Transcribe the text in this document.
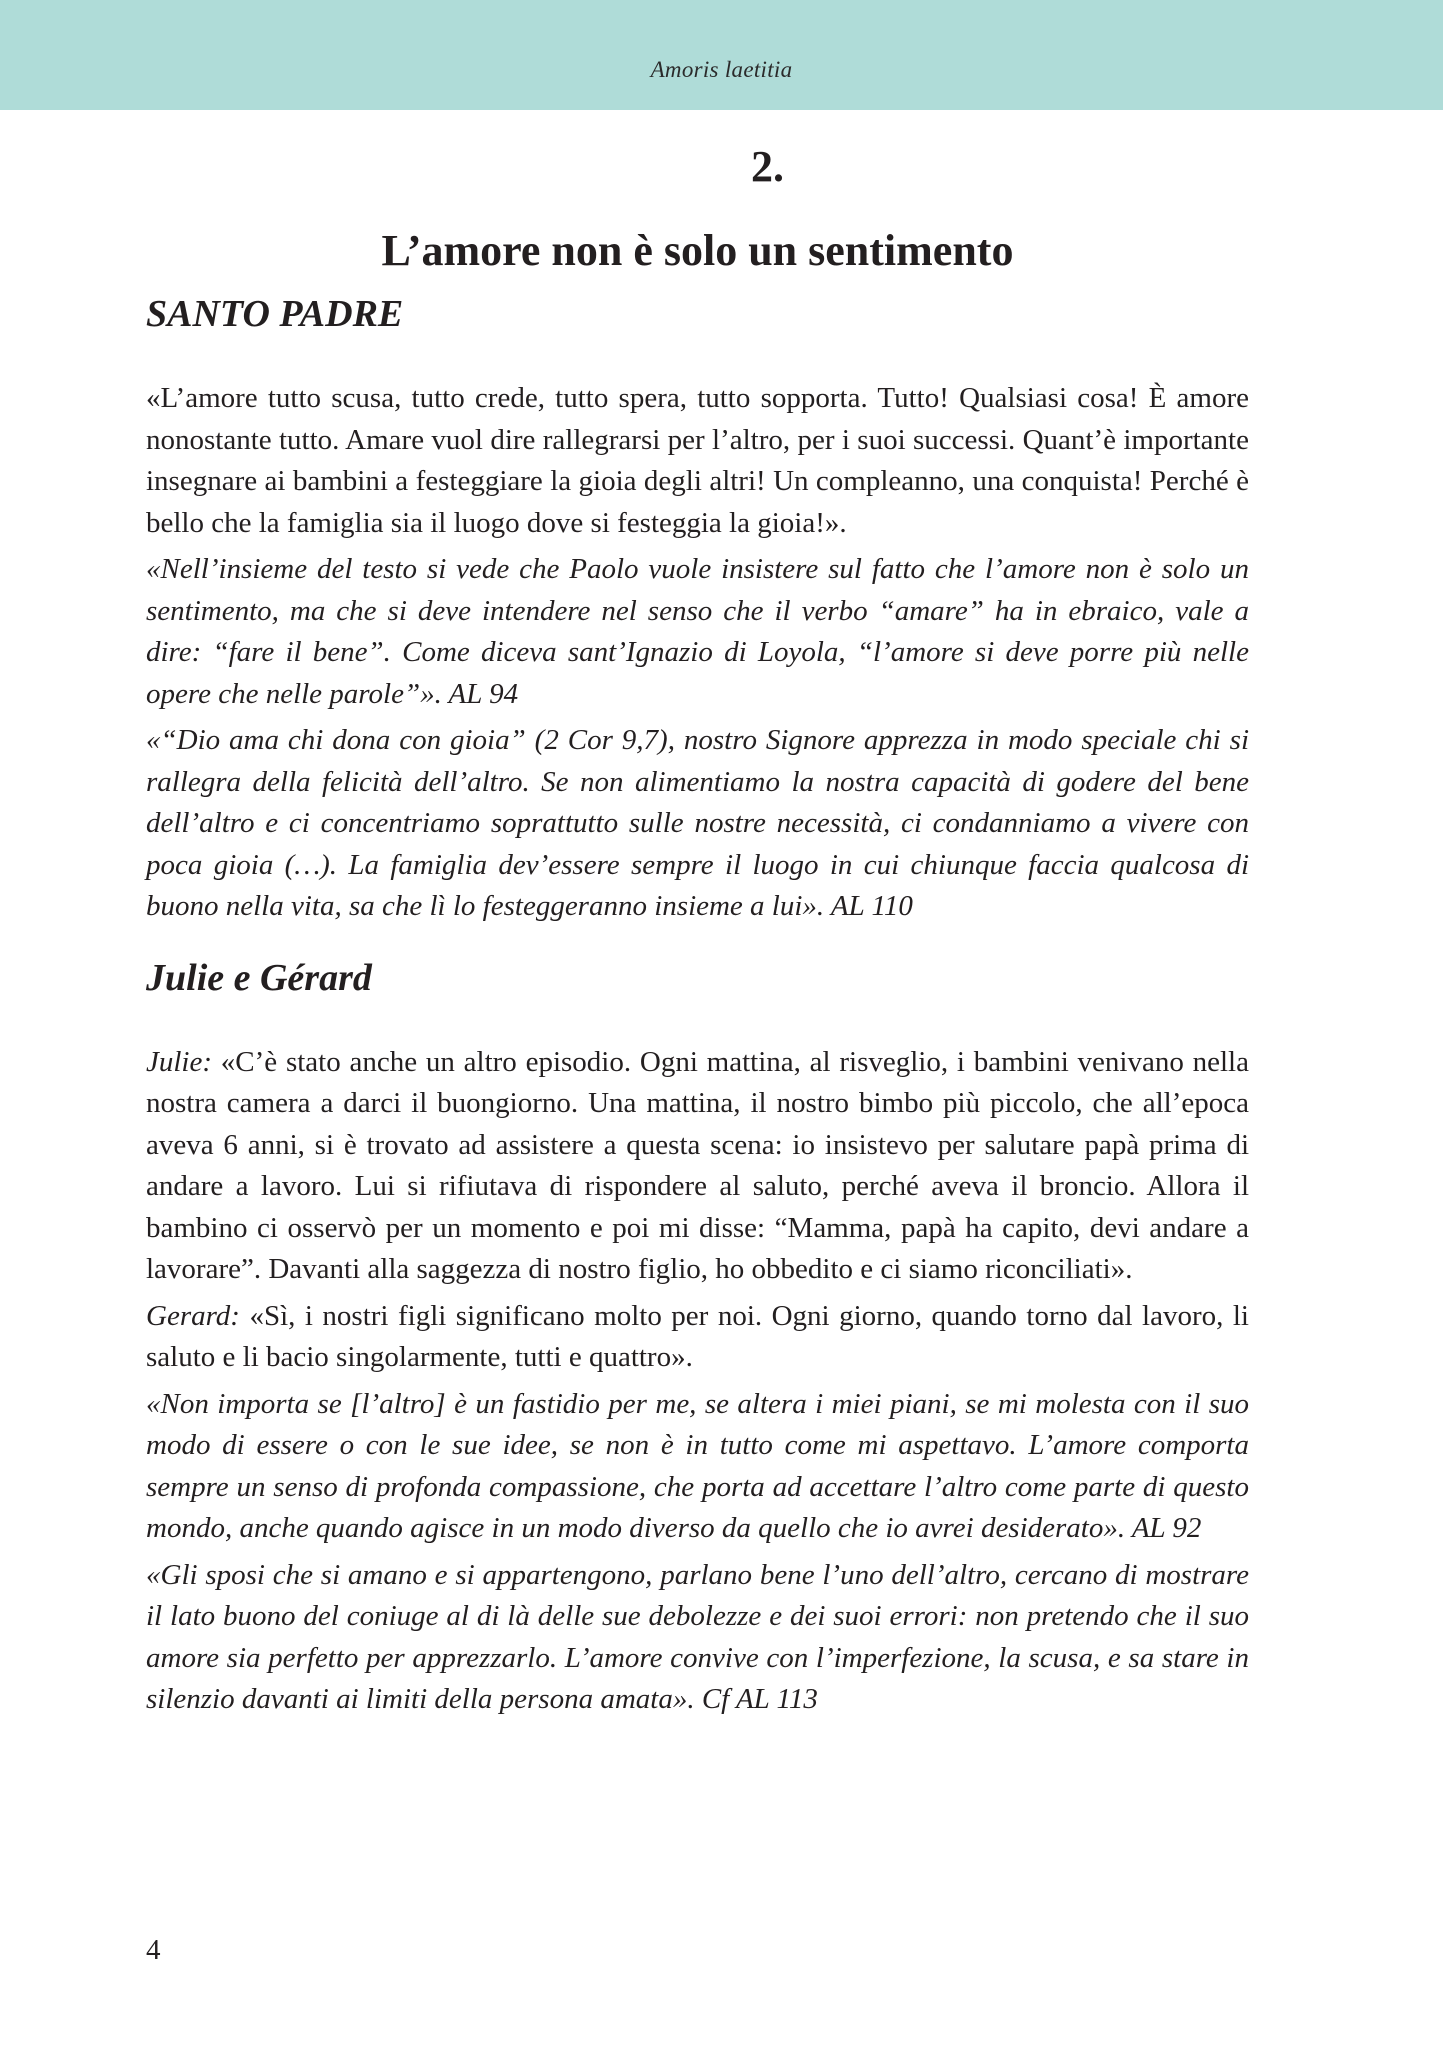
Amoris laetitia
2.
L’amore non è solo un sentimento
SANTO PADRE

«L’amore tutto scusa, tutto crede, tutto spera, tutto sopporta. Tutto! Qualsiasi cosa! È amore nonostante tutto. Amare vuol dire rallegrarsi per l’altro, per i suoi successi. Quant’è importante insegnare ai bambini a festeggiare la gioia degli altri! Un compleanno, una conquista! Perché è bello che la famiglia sia il luogo dove si festeggia la gioia!».

«Nell’insieme del testo si vede che Paolo vuole insistere sul fatto che l’amore non è solo un sentimento, ma che si deve intendere nel senso che il verbo “amare” ha in ebraico, vale a dire: “fare il bene”. Come diceva sant’Ignazio di Loyola, “l’amore si deve porre più nelle opere che nelle parole”». AL 94

«“Dio ama chi dona con gioia” (2 Cor 9,7), nostro Signore apprezza in modo speciale chi si rallegra della felicità dell’altro. Se non alimentiamo la nostra capacità di godere del bene dell’altro e ci concentriamo soprattutto sulle nostre necessità, ci condanniamo a vivere con poca gioia (…). La famiglia dev’essere sempre il luogo in cui chiunque faccia qualcosa di buono nella vita, sa che lì lo festeggeranno insieme a lui». AL 110

Julie e Gérard

Julie: «C’è stato anche un altro episodio. Ogni mattina, al risveglio, i bambini venivano nella nostra camera a darci il buongiorno. Una mattina, il nostro bimbo più piccolo, che all’epoca aveva 6 anni, si è trovato ad assistere a questa scena: io insistevo per salutare papà prima di andare a lavoro. Lui si rifiutava di rispondere al saluto, perché aveva il broncio. Allora il bambino ci osservò per un momento e poi mi disse: “Mamma, papà ha capito, devi andare a lavorare”. Davanti alla saggezza di nostro figlio, ho obbedito e ci siamo riconciliati».

Gerard: «Sì, i nostri figli significano molto per noi. Ogni giorno, quando torno dal lavoro, li saluto e li bacio singolarmente, tutti e quattro».

«Non importa se [l’altro] è un fastidio per me, se altera i miei piani, se mi molesta con il suo modo di essere o con le sue idee, se non è in tutto come mi aspettavo. L’amore comporta sempre un senso di profonda compassione, che porta ad accettare l’altro come parte di questo mondo, anche quando agisce in un modo diverso da quello che io avrei desiderato». AL 92

«Gli sposi che si amano e si appartengono, parlano bene l’uno dell’altro, cercano di mostrare il lato buono del coniuge al di là delle sue debolezze e dei suoi errori: non pretendo che il suo amore sia perfetto per apprezzarlo. L’amore convive con l’imperfezione, la scusa, e sa stare in silenzio davanti ai limiti della persona amata». Cf AL 113

4
